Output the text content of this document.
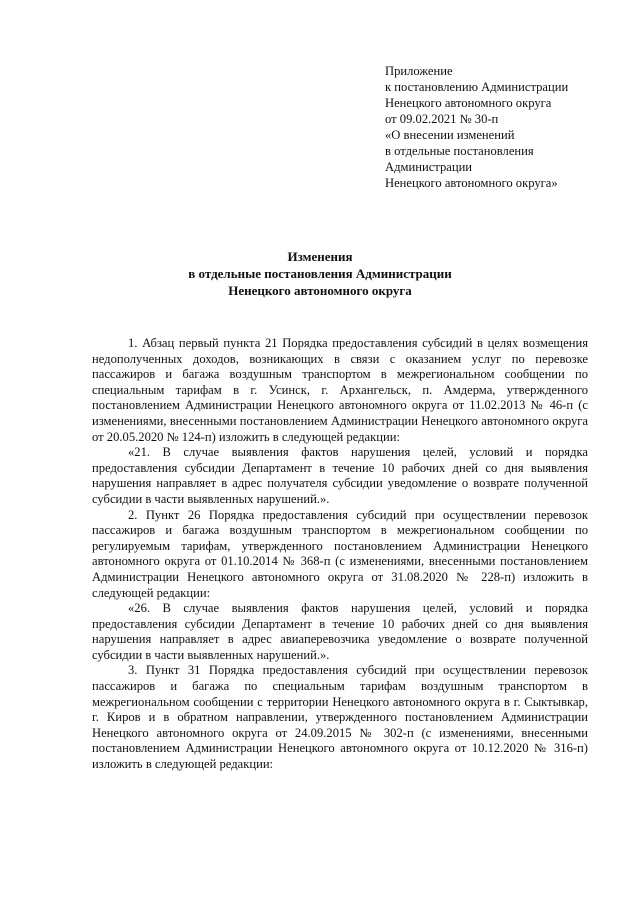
Приложение
к постановлению Администрации
Ненецкого автономного округа
от 09.02.2021 № 30-п
«О внесении изменений
в отдельные постановления
Администрации
Ненецкого автономного округа»
Изменения
в отдельные постановления Администрации
Ненецкого автономного округа

1. Абзац первый пункта 21 Порядка предоставления субсидий в целях возмещения недополученных доходов, возникающих в связи с оказанием услуг по перевозке пассажиров и багажа воздушным транспортом в межрегиональном сообщении по специальным тарифам в г. Усинск, г. Архангельск, п. Амдерма, утвержденного постановлением Администрации Ненецкого автономного округа от 11.02.2013 № 46-п (с изменениями, внесенными постановлением Администрации Ненецкого автономного округа от 20.05.2020 № 124-п) изложить в следующей редакции:

«21. В случае выявления фактов нарушения целей, условий и порядка предоставления субсидии Департамент в течение 10 рабочих дней со дня выявления нарушения направляет в адрес получателя субсидии уведомление о возврате полученной субсидии в части выявленных нарушений.».

2. Пункт 26 Порядка предоставления субсидий при осуществлении перевозок пассажиров и багажа воздушным транспортом в межрегиональном сообщении по регулируемым тарифам, утвержденного постановлением Администрации Ненецкого автономного округа от 01.10.2014 № 368-п (с изменениями, внесенными постановлением Администрации Ненецкого автономного округа от 31.08.2020 № 228-п) изложить в следующей редакции:

«26. В случае выявления фактов нарушения целей, условий и порядка предоставления субсидии Департамент в течение 10 рабочих дней со дня выявления нарушения направляет в адрес авиаперевозчика уведомление о возврате полученной субсидии в части выявленных нарушений.».

3. Пункт 31 Порядка предоставления субсидий при осуществлении перевозок пассажиров и багажа по специальным тарифам воздушным транспортом в межрегиональном сообщении с территории Ненецкого автономного округа в г. Сыктывкар, г. Киров и в обратном направлении, утвержденного постановлением Администрации Ненецкого автономного округа от 24.09.2015 № 302-п (с изменениями, внесенными постановлением Администрации Ненецкого автономного округа от 10.12.2020 № 316-п) изложить в следующей редакции:
